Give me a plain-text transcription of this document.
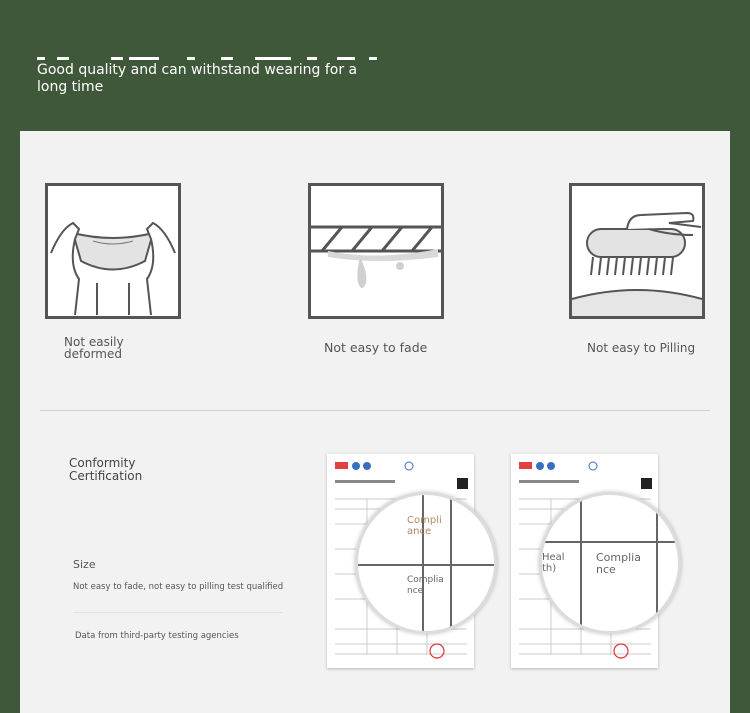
Good quality and can withstand wearing for a long time
Not easily deformed	Not easy to fade	Not easy to Pilling
Conformity Certification
Size
Not easy to fade, not easy to pilling test qualified
Data from third-party testing agencies
Compli ance
Complia nce
Heal th)
Complia nce
